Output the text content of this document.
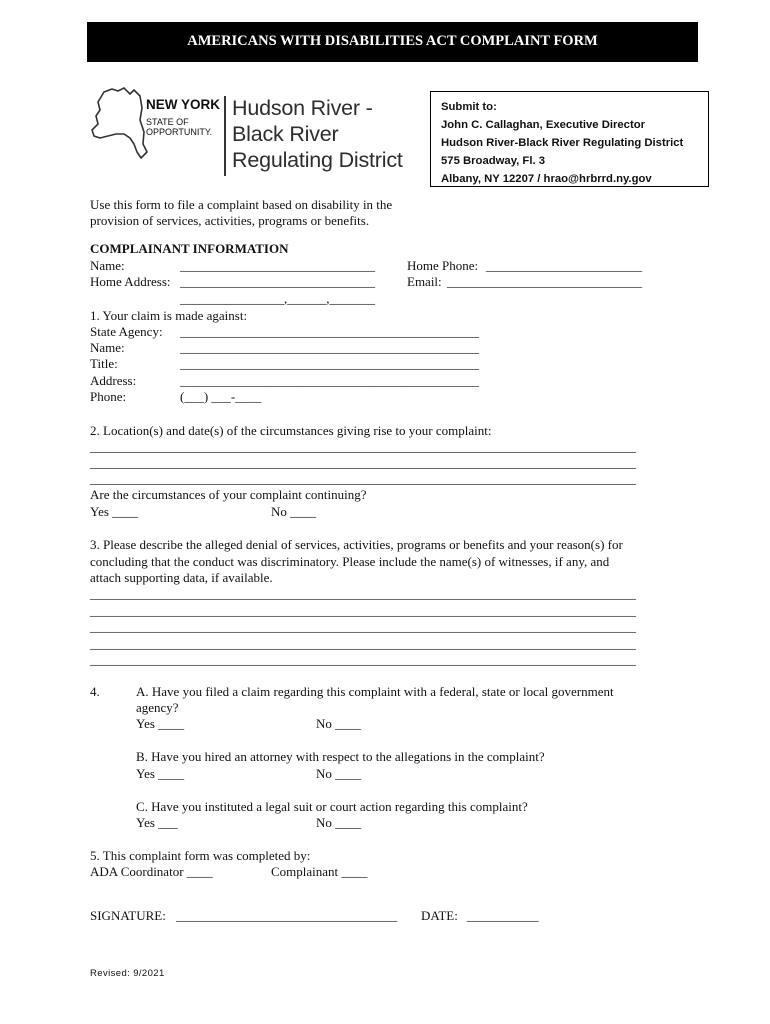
AMERICANS WITH DISABILITIES ACT COMPLAINT FORM
NEW YORK
STATE OF
OPPORTUNITY.
Hudson River -
Black River
Regulating District
Submit to:
John C. Callaghan, Executive Director
Hudson River-Black River Regulating District
575 Broadway, Fl. 3
Albany, NY 12207 / hrao@hrbrrd.ny.gov
Use this form to file a complaint based on disability in the
provision of services, activities, programs or benefits.
COMPLAINANT INFORMATION
Name:	______________________________ Home Phone: ________________________
Home Address: ______________________________ Email: ______________________________
________________,______,_______
1. Your claim is made against:
State Agency: ______________________________________________
Name:	______________________________________________
Title:	______________________________________________
Address:	______________________________________________
Phone:	(___) ___-____
2. Location(s) and date(s) of the circumstances giving rise to your complaint:
____________________________________________________________________________________
____________________________________________________________________________________
____________________________________________________________________________________
Are the circumstances of your complaint continuing?
Yes ____	No ____
3. Please describe the alleged denial of services, activities, programs or benefits and your reason(s) for
concluding that the conduct was discriminatory. Please include the name(s) of witnesses, if any, and
attach supporting data, if available.
____________________________________________________________________________________
____________________________________________________________________________________
____________________________________________________________________________________
____________________________________________________________________________________
____________________________________________________________________________________
4.	A. Have you filed a claim regarding this complaint with a federal, state or local government
agency?
Yes ____	No ____
B. Have you hired an attorney with respect to the allegations in the complaint?
Yes ____	No ____
C. Have you instituted a legal suit or court action regarding this complaint?
Yes ___	No ____
5. This complaint form was completed by:
ADA Coordinator ____	Complainant ____
SIGNATURE: __________________________________ DATE: ___________
Revised: 9/2021
